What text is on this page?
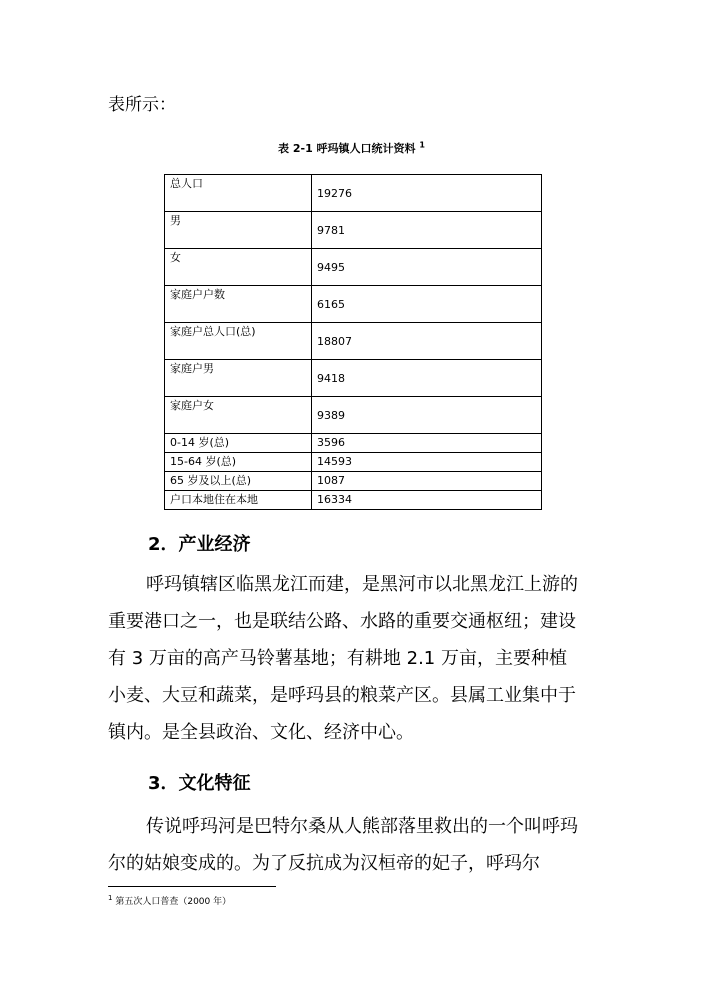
表所示：
表 2-1 呼玛镇人口统计资料 $^1$
总人口	19276
男	9781
女	9495
家庭户户数	6165
家庭户总人口(总)	18807
家庭户男	9418
家庭户女	9389
0-14 岁(总)	3596
15-64 岁(总)	14593
65 岁及以上(总)	1087
户口本地住在本地	16334
2．产业经济
呼玛镇辖区临黑龙江而建，是黑河市以北黑龙江上游的重要港口之一，也是联结公路、水路的重要交通枢纽；建设有 3 万亩的高产马铃薯基地；有耕地 2.1 万亩，主要种植小麦、大豆和蔬菜，是呼玛县的粮菜产区。县属工业集中于镇内。是全县政治、文化、经济中心。
3．文化特征
传说呼玛河是巴特尔桑从人熊部落里救出的一个叫呼玛尔的姑娘变成的。为了反抗成为汉桓帝的妃子，呼玛尔
$^1$ 第五次人口普查（2000 年）
